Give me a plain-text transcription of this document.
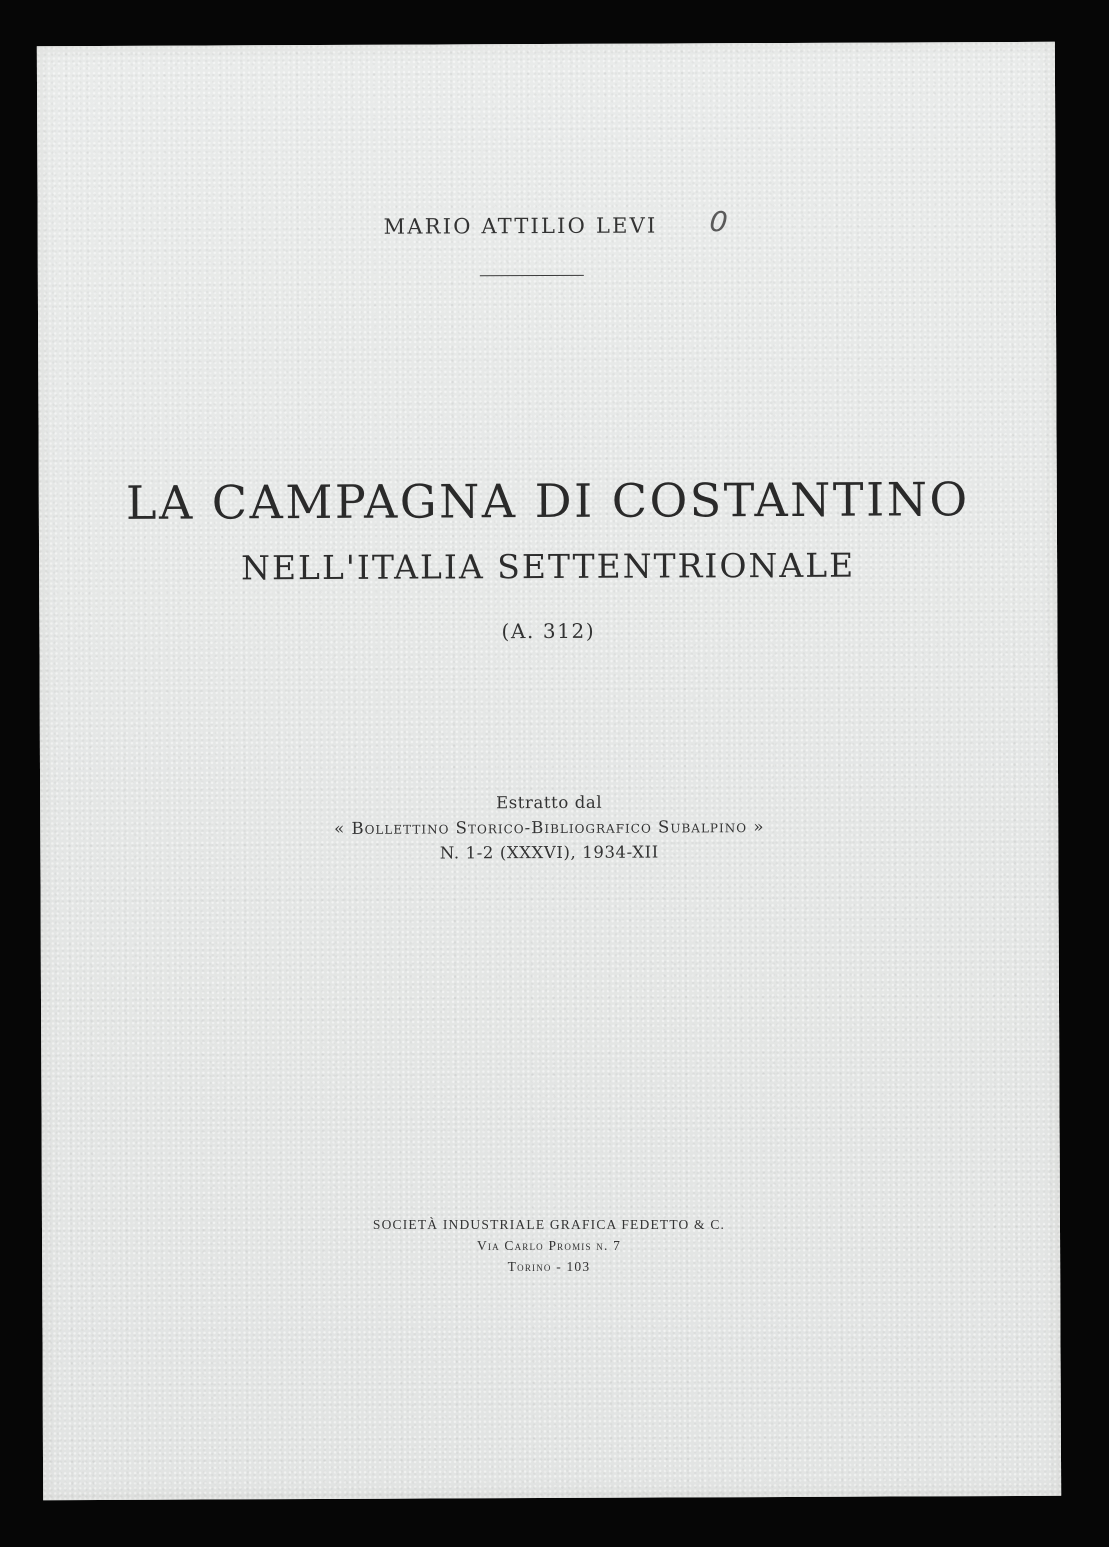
MARIO ATTILIO LEVI 0
LA CAMPAGNA DI COSTANTINO
NELL'ITALIA SETTENTRIONALE
(A. 312)
Estratto dal
« Bollettino Storico-Bibliografico Subalpino »
N. 1-2 (XXXVI), 1934-XII
SOCIETÀ INDUSTRIALE GRAFICA FEDETTO & C.
Via Carlo Promis n. 7
Torino - 103
